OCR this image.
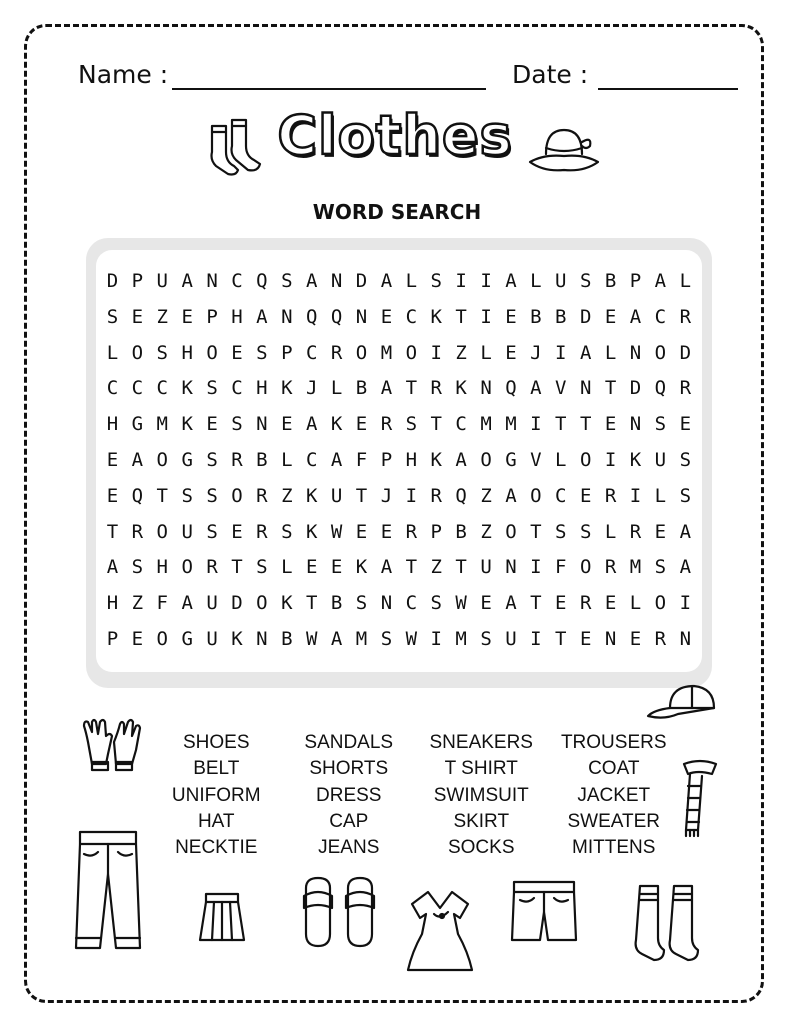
Name :	Date :
Clothes
WORD SEARCH
D P U A N C Q S A N D A L S I I A L U S B P A L
S E Z E P H A N Q Q N E C K T I E B B D E A C R
L O S H O E S P C R O M O I Z L E J I A L N O D
C C C K S C H K J L B A T R K N Q A V N T D Q R
H G M K E S N E A K E R S T C M M I T T E N S E
E A O G S R B L C A F P H K A O G V L O I K U S
E Q T S S O R Z K U T J I R Q Z A O C E R I L S
T R O U S E R S K W E E R P B Z O T S S L R E A
A S H O R T S L E E K A T Z T U N I F O R M S A
H Z F A U D O K T B S N C S W E A T E R E L O I
P E O G U K N B W A M S W I M S U I T E N E R N
SHOES
BELT
UNIFORM
HAT
NECKTIE
SANDALS
SHORTS
DRESS
CAP
JEANS
SNEAKERS
T SHIRT
SWIMSUIT
SKIRT
SOCKS
TROUSERS
COAT
JACKET
SWEATER
MITTENS
